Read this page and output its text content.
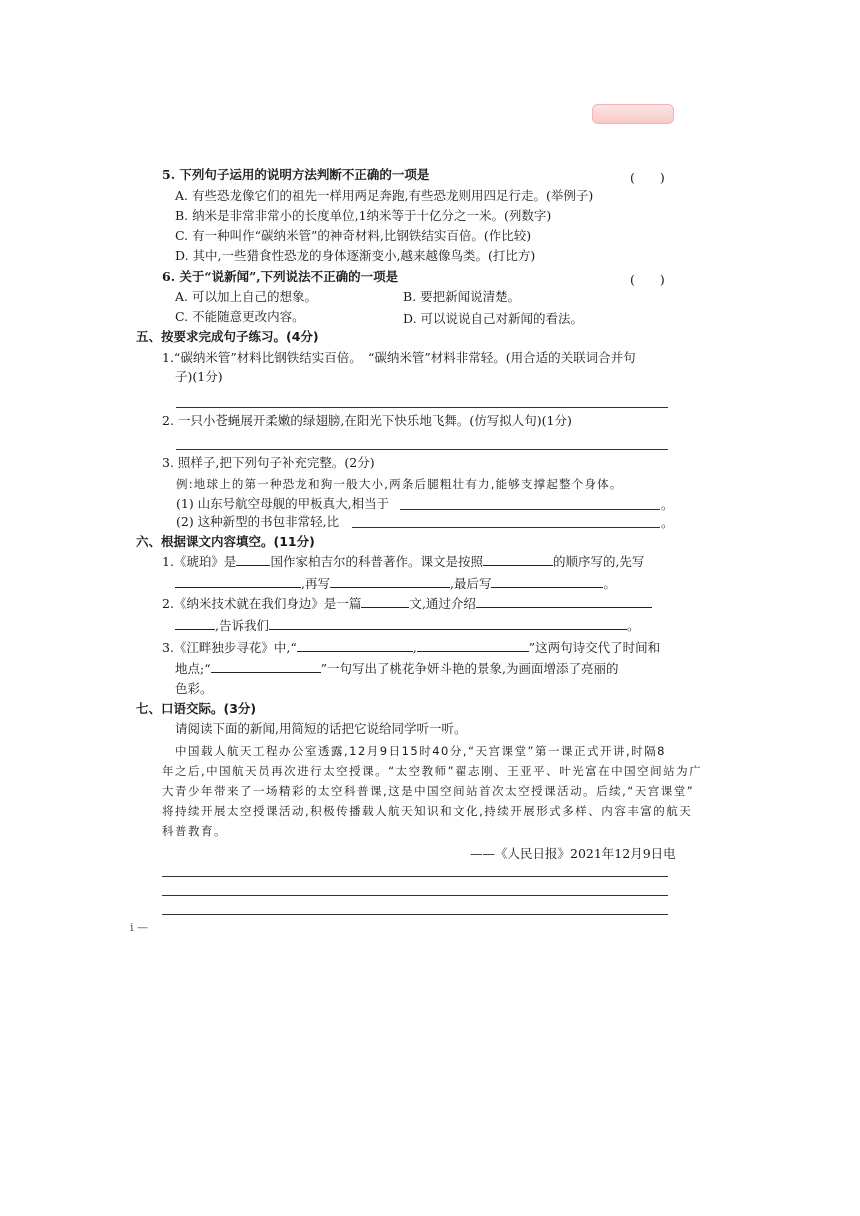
5. 下列句子运用的说明方法判断不正确的一项是	(　　)
A. 有些恐龙像它们的祖先一样用两足奔跑,有些恐龙则用四足行走。(举例子)
B. 纳米是非常非常小的长度单位,1纳米等于十亿分之一米。(列数字)
C. 有一种叫作“碳纳米管”的神奇材料,比钢铁结实百倍。(作比较)
D. 其中,一些猎食性恐龙的身体逐渐变小,越来越像鸟类。(打比方)
6. 关于“说新闻”,下列说法不正确的一项是	(　　)
A. 可以加上自己的想象。	B. 要把新闻说清楚。
C. 不能随意更改内容。	D. 可以说说自己对新闻的看法。
五、按要求完成句子练习。(4分)
1.“碳纳米管”材料比钢铁结实百倍。　“碳纳米管”材料非常轻。(用合适的关联词合并句
子)(1分)
2. 一只小苍蝇展开柔嫩的绿翅膀,在阳光下快乐地飞舞。(仿写拟人句)(1分)
3. 照样子,把下列句子补充完整。(2分)
例:地球上的第一种恐龙和狗一般大小,两条后腿粗壮有力,能够支撑起整个身体。
(1) 山东号航空母舰的甲板真大,相当于	。
(2) 这种新型的书包非常轻,比	。
六、根据课文内容填空。(11分)
1.《琥珀》是	国作家柏吉尔的科普著作。课文是按照	的顺序写的,先写
,再写	,最后写	。
2.《纳米技术就在我们身边》是一篇	文,通过介绍
,告诉我们	。
3.《江畔独步寻花》中,“	,	”这两句诗交代了时间和
地点;“	”一句写出了桃花争妍斗艳的景象,为画面增添了亮丽的
色彩。
七、口语交际。(3分)
请阅读下面的新闻,用简短的话把它说给同学听一听。
中国载人航天工程办公室透露,12月9日15时40分,“天宫课堂”第一课正式开讲,时隔8
年之后,中国航天员再次进行太空授课。“太空教师”翟志刚、王亚平、叶光富在中国空间站为广
大青少年带来了一场精彩的太空科普课,这是中国空间站首次太空授课活动。后续,“天宫课堂”
将持续开展太空授课活动,积极传播载人航天知识和文化,持续开展形式多样、内容丰富的航天
科普教育。
——《人民日报》2021年12月9日电
i —
